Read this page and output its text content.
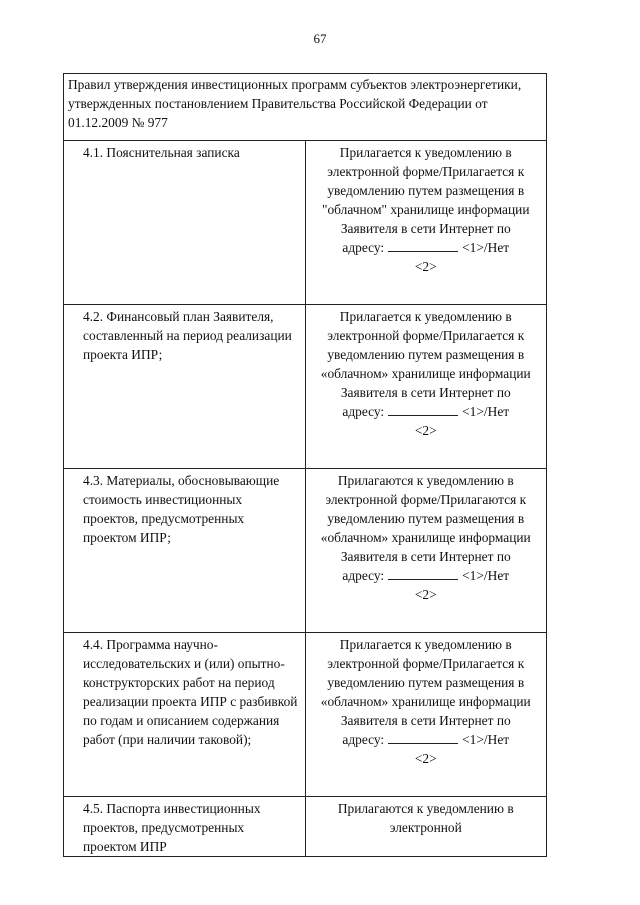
67
Правил утверждения инвестиционных программ субъектов электроэнергетики, утвержденных постановлением Правительства Российской Федерации от 01.12.2009 № 977	

4.1. Пояснительная записка	Прилагается к уведомлению в электронной форме/Прилагается к уведомлению путем размещения в "облачном" хранилище информации Заявителя в сети Интернет по
адресу: <1>/Нет
<2>

4.2. Финансовый план Заявителя, составленный на период реализации проекта ИПР;	Прилагается к уведомлению в электронной форме/Прилагается к уведомлению путем размещения в «облачном» хранилище информации Заявителя в сети Интернет по
адресу: <1>/Нет
<2>

4.3. Материалы, обосновывающие стоимость инвестиционных проектов, предусмотренных проектом ИПР;	Прилагаются к уведомлению в электронной форме/Прилагаются к уведомлению путем размещения в «облачном» хранилище информации Заявителя в сети Интернет по
адресу: <1>/Нет
<2>

4.4. Программа научно-исследовательских и (или) опытно-конструкторских работ на период реализации проекта ИПР с разбивкой по годам и описанием содержания работ (при наличии таковой);	Прилагается к уведомлению в электронной форме/Прилагается к уведомлению путем размещения в «облачном» хранилище информации Заявителя в сети Интернет по
адресу: <1>/Нет
<2>

4.5. Паспорта инвестиционных проектов, предусмотренных проектом ИПР	Прилагаются к уведомлению в электронной
